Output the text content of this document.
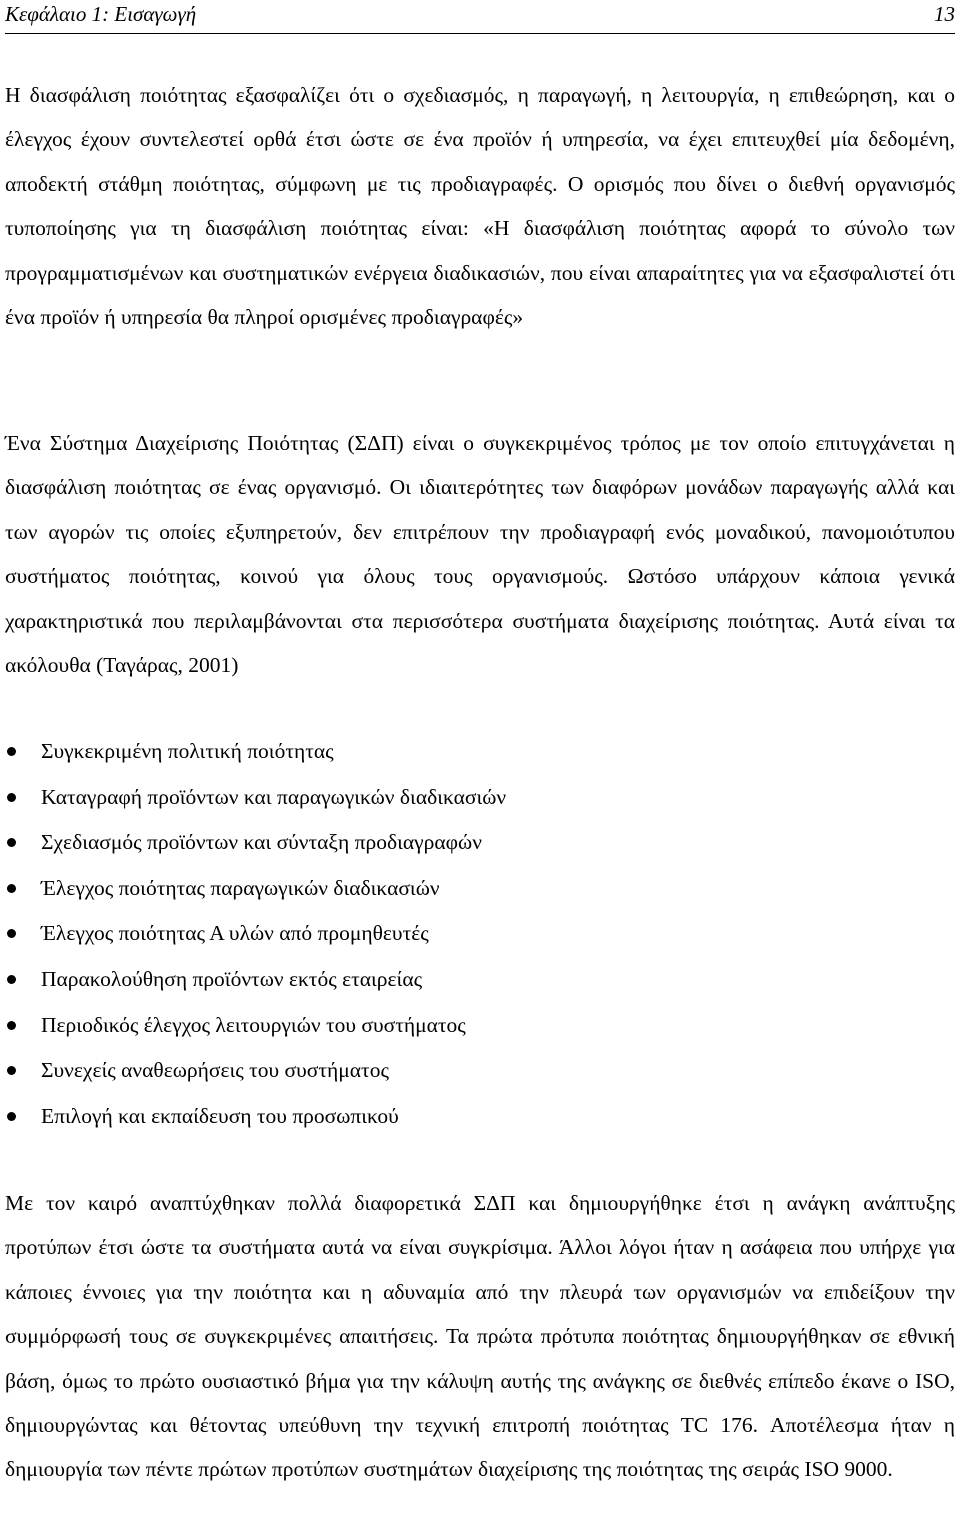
Κεφάλαιο 1: Εισαγωγή	13

Η διασφάλιση ποιότητας εξασφαλίζει ότι ο σχεδιασμός, η παραγωγή, η λειτουργία, η επιθεώρηση, και ο έλεγχος έχουν συντελεστεί ορθά έτσι ώστε σε ένα προϊόν ή υπηρεσία, να έχει επιτευχθεί μία δεδομένη, αποδεκτή στάθμη ποιότητας, σύμφωνη με τις προδιαγραφές. Ο ορισμός που δίνει ο διεθνή οργανισμός τυποποίησης για τη διασφάλιση ποιότητας είναι: «Η διασφάλιση ποιότητας αφορά το σύνολο των προγραμματισμένων και συστηματικών ενέργεια διαδικασιών, που είναι απαραίτητες για να εξασφαλιστεί ότι ένα προϊόν ή υπηρεσία θα πληροί ορισμένες προδιαγραφές»

Ένα Σύστημα Διαχείρισης Ποιότητας (ΣΔΠ) είναι ο συγκεκριμένος τρόπος με τον οποίο επιτυγχάνεται η διασφάλιση ποιότητας σε ένας οργανισμό. Οι ιδιαιτερότητες των διαφόρων μονάδων παραγωγής αλλά και των αγορών τις οποίες εξυπηρετούν, δεν επιτρέπουν την προδιαγραφή ενός μοναδικού, πανομοιότυπου συστήματος ποιότητας, κοινού για όλους τους οργανισμούς. Ωστόσο υπάρχουν κάποια γενικά χαρακτηριστικά που περιλαμβάνονται στα περισσότερα συστήματα διαχείρισης ποιότητας. Αυτά είναι τα ακόλουθα (Ταγάρας, 2001)

Συγκεκριμένη πολιτική ποιότητας
Καταγραφή προϊόντων και παραγωγικών διαδικασιών
Σχεδιασμός προϊόντων και σύνταξη προδιαγραφών
Έλεγχος ποιότητας παραγωγικών διαδικασιών
Έλεγχος ποιότητας Α υλών από προμηθευτές
Παρακολούθηση προϊόντων εκτός εταιρείας
Περιοδικός έλεγχος λειτουργιών του συστήματος
Συνεχείς αναθεωρήσεις του συστήματος
Επιλογή και εκπαίδευση του προσωπικού

Με τον καιρό αναπτύχθηκαν πολλά διαφορετικά ΣΔΠ και δημιουργήθηκε έτσι η ανάγκη ανάπτυξης προτύπων έτσι ώστε τα συστήματα αυτά να είναι συγκρίσιμα. Άλλοι λόγοι ήταν η ασάφεια που υπήρχε για κάποιες έννοιες για την ποιότητα και η αδυναμία από την πλευρά των οργανισμών να επιδείξουν την συμμόρφωσή τους σε συγκεκριμένες απαιτήσεις. Τα πρώτα πρότυπα ποιότητας δημιουργήθηκαν σε εθνική βάση, όμως το πρώτο ουσιαστικό βήμα για την κάλυψη αυτής της ανάγκης σε διεθνές επίπεδο έκανε ο ISO, δημιουργώντας και θέτοντας υπεύθυνη την τεχνική επιτροπή ποιότητας TC 176. Αποτέλεσμα ήταν η δημιουργία των πέντε πρώτων προτύπων συστημάτων διαχείρισης της ποιότητας της σειράς ISO 9000.
